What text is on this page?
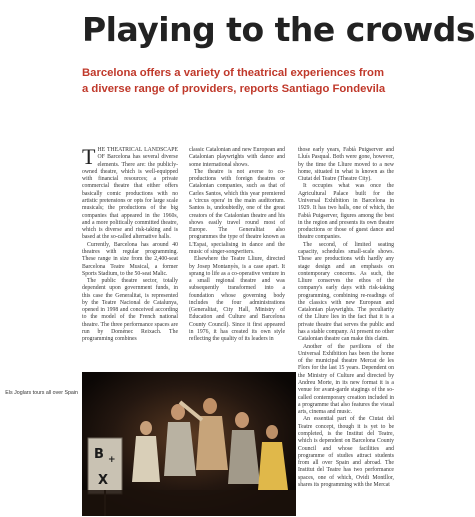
Playing to the crowds
Barcelona offers a variety of theatrical experiences from a diverse range of providers, reports Santiago Fondevila

THE THEATRICAL LANDSCAPE OF Barcelona has several diverse elements. There are: the publicly-owned theatre, which is well-equipped with financial resources; a private commercial theatre that either offers basically comic productions with no artistic pretensions or opts for large scale musicals; the productions of the big companies that appeared in the 1960s, and a more politically committed theatre, which is diverse and risk-taking and is based at the so-called alternative halls.

Currently, Barcelona has around 40 theatres with regular programming. These range in size from the 2,400-seat Barcelona Teatre Musical, a former Sports Stadium, to the 50-seat Malic.

The public theatre sector, totally dependent upon government funds, in this case the Generalitat, is represented by the Teatre Nacional de Catalunya, opened in 1998 and conceived according to the model of the French national theatre. The three performance spaces are run by Domènec Reixach. The programming combines

classic Catalonian and new European and Catalonian playwrights with dance and some international shows.

The theatre is not averse to co-productions with foreign theatres or Catalonian companies, such as that of Carles Santos, which this year premiered a 'circus opera' in the main auditorium. Santos is, undoubtedly, one of the great creators of the Catalonian theatre and his shows easily travel round most of Europe. The Generalitat also programmes the type of theatre known as L'Espai, specialising in dance and the music of singer-songwriters.

Elsewhere the Teatre Lliure, directed by Josep Montanyès, is a case apart. It sprang to life as a co-operative venture in a small regional theatre and was subsequently transformed into a foundation whose governing body includes the four administrations (Generalitat, City Hall, Ministry of Education and Culture and Barcelona County Council). Since it first appeared in 1976, it has created its own style reflecting the quality of its leaders in

those early years, Fabià Puigserver and Lluís Pasqual. Both were gone, however, by the time the Lliure moved to a new home, situated in what is known as the Ciutat del Teatre (Theatre City).

It occupies what was once the Agricultural Palace built for the Universal Exhibition in Barcelona in 1929. It has two halls, one of which, the Fabià Puigserver, figures among the best in the region and presents its own theatre productions or those of guest dance and theatre companies.

The second, of limited seating capacity, schedules small-scale shows. These are productions with hardly any stage design and an emphasis on contemporary concerns. As such, the Lliure conserves the ethos of the company's early days with risk-taking programming, combining re-readings of the classics with new European and Catalonian playwrights. The peculiarity of the Lliure lies in the fact that it is a private theatre that serves the public and has a stable company. At present no other Catalonian theatre can make this claim.

Another of the pavilions of the Universal Exhibition has been the home of the municipal theatre Mercat de les Flors for the last 15 years. Dependent on the Ministry of Culture and directed by Andreu Morte, in its new format it is a venue for avant-garde stagings of the so-called contemporary creation included in a programme that also features the visual arts, cinema and music.

An essential part of the Ciutat del Teatre concept, though it is yet to be completed, is the Institut del Teatre, which is dependent on Barcelona County Council and whose facilities and programme of studies attract students from all over Spain and abroad. The Institut del Teatre has two performance spaces, one of which, Ovidi Montllor, shares its programming with the Mercat

Els Joglars tours all over Spain
B +
X
